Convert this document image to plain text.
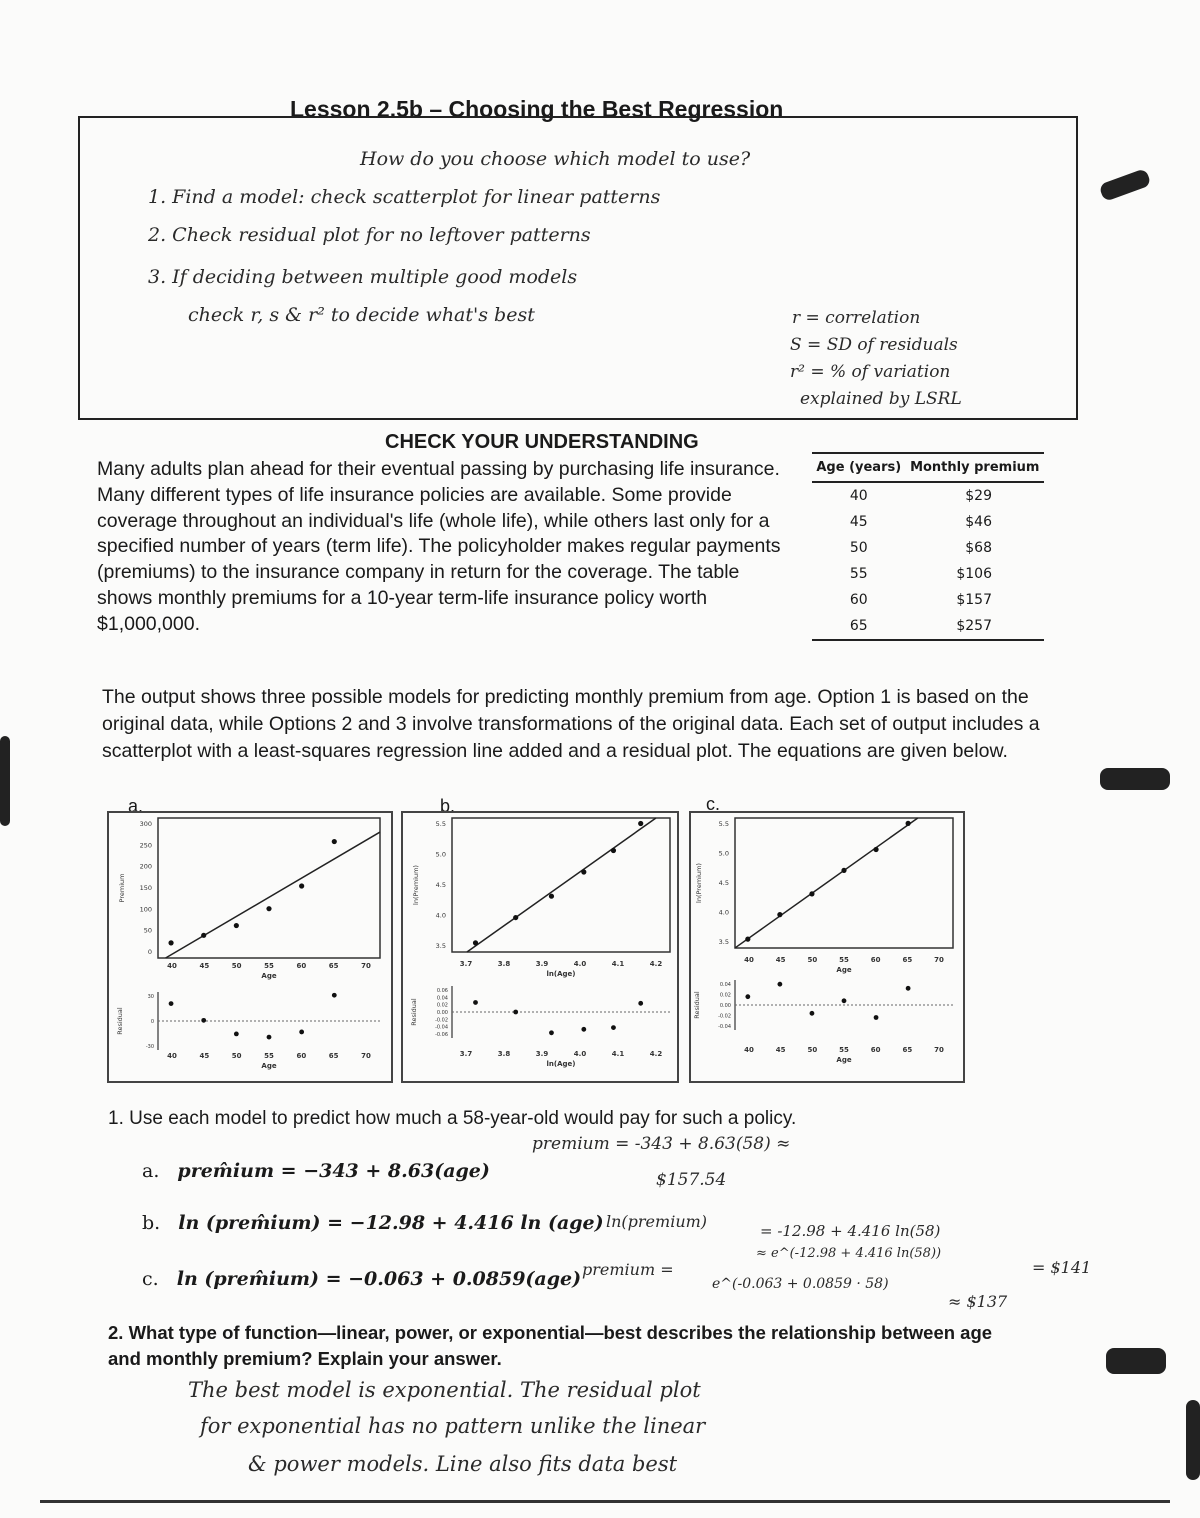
Lesson 2.5b – Choosing the Best Regression
How do you choose which model to use?
1. Find a model: check scatterplot for linear patterns
2. Check residual plot for no leftover patterns
3. If deciding between multiple good models
check r, s & r² to decide what's best	r = correlation
S = SD of residuals
r² = % of variation
explained by LSRL
CHECK YOUR UNDERSTANDING
Many adults plan ahead for their eventual passing by purchasing life insurance. Many different types of life insurance policies are available. Some provide coverage throughout an individual's life (whole life), while others last only for a specified number of years (term life). The policyholder makes regular payments (premiums) to the insurance company in return for the coverage. The table shows monthly premiums for a 10-year term-life insurance policy worth $1,000,000.
Age (years)	Monthly premium
40	$29
45	$46
50	$68
55	$106
60	$157
65	$257
The output shows three possible models for predicting monthly premium from age. Option 1 is based on the original data, while Options 2 and 3 involve transformations of the original data. Each set of output includes a scatterplot with a least-squares regression line added and a residual plot. The equations are given below.
a.	b.	c.
40	45	50	55	60	65	70
Age
0
50
100
150
200
250
300
Premium
-30
0
30
40	45	50	55	60	65	70
Age
Residual
3.7	3.8	3.9	4.0	4.1	4.2
ln(Age)
3.5
4.0
4.5
5.0
5.5
ln(Premium)
-0.06
-0.04
-0.02
0.00
0.02
0.04
0.06
3.7	3.8	3.9	4.0	4.1	4.2
ln(Age)
Residual
40	45	50	55	60	65	70
Age
3.5
4.0
4.5
5.0
5.5
ln(Premium)
-0.04
-0.02
0.00
0.02
0.04
40	45	50	55	60	65	70
Age
Residual
1. Use each model to predict how much a 58-year-old would pay for such a policy.
a. prem̂ium = −343 + 8.63(age)
b. ln (prem̂ium) = −12.98 + 4.416 ln (age)
c. ln (prem̂ium) = −0.063 + 0.0859(age)
premium = -343 + 8.63(58) ≈
$157.54
ln(premium)	= -12.98 + 4.416 ln(58)
≈ e^(-12.98 + 4.416 ln(58))
= $141
premium =
e^(-0.063 + 0.0859 · 58)
≈ $137
2. What type of function—linear, power, or exponential—best describes the relationship between age and monthly premium? Explain your answer.
The best model is exponential. The residual plot
for exponential has no pattern unlike the linear
& power models. Line also fits data best
